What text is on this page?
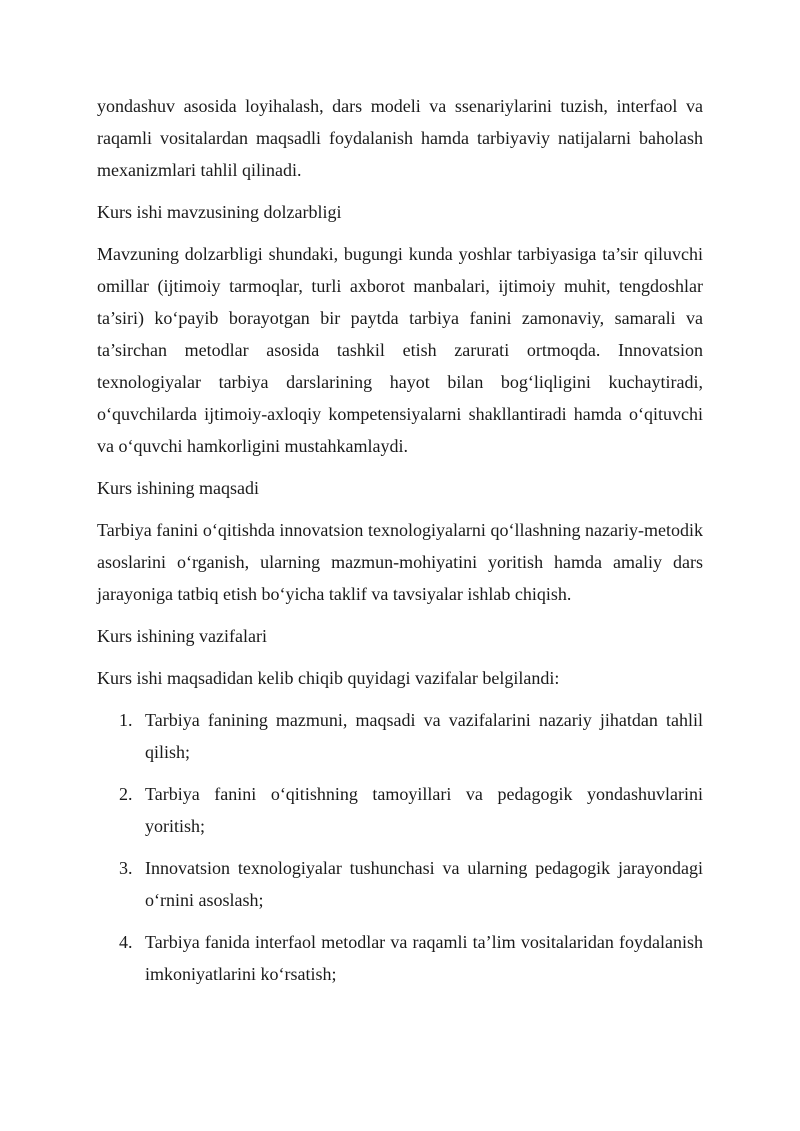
yondashuv asosida loyihalash, dars modeli va ssenariylarini tuzish, interfaol va raqamli vositalardan maqsadli foydalanish hamda tarbiyaviy natijalarni baholash mexanizmlari tahlil qilinadi.

Kurs ishi mavzusining dolzarbligi

Mavzuning dolzarbligi shundaki, bugungi kunda yoshlar tarbiyasiga ta’sir qiluvchi omillar (ijtimoiy tarmoqlar, turli axborot manbalari, ijtimoiy muhit, tengdoshlar ta’siri) ko‘payib borayotgan bir paytda tarbiya fanini zamonaviy, samarali va ta’sirchan metodlar asosida tashkil etish zarurati ortmoqda. Innovatsion texnologiyalar tarbiya darslarining hayot bilan bog‘liqligini kuchaytiradi, o‘quvchilarda ijtimoiy-axloqiy kompetensiyalarni shakllantiradi hamda o‘qituvchi va o‘quvchi hamkorligini mustahkamlaydi.

Kurs ishining maqsadi

Tarbiya fanini o‘qitishda innovatsion texnologiyalarni qo‘llashning nazariy-metodik asoslarini o‘rganish, ularning mazmun-mohiyatini yoritish hamda amaliy dars jarayoniga tatbiq etish bo‘yicha taklif va tavsiyalar ishlab chiqish.

Kurs ishining vazifalari

Kurs ishi maqsadidan kelib chiqib quyidagi vazifalar belgilandi:

1. Tarbiya fanining mazmuni, maqsadi va vazifalarini nazariy jihatdan tahlil qilish;
2. Tarbiya fanini o‘qitishning tamoyillari va pedagogik yondashuvlarini yoritish;
3. Innovatsion texnologiyalar tushunchasi va ularning pedagogik jarayondagi o‘rnini asoslash;
4. Tarbiya fanida interfaol metodlar va raqamli ta’lim vositalaridan foydalanish imkoniyatlarini ko‘rsatish;
